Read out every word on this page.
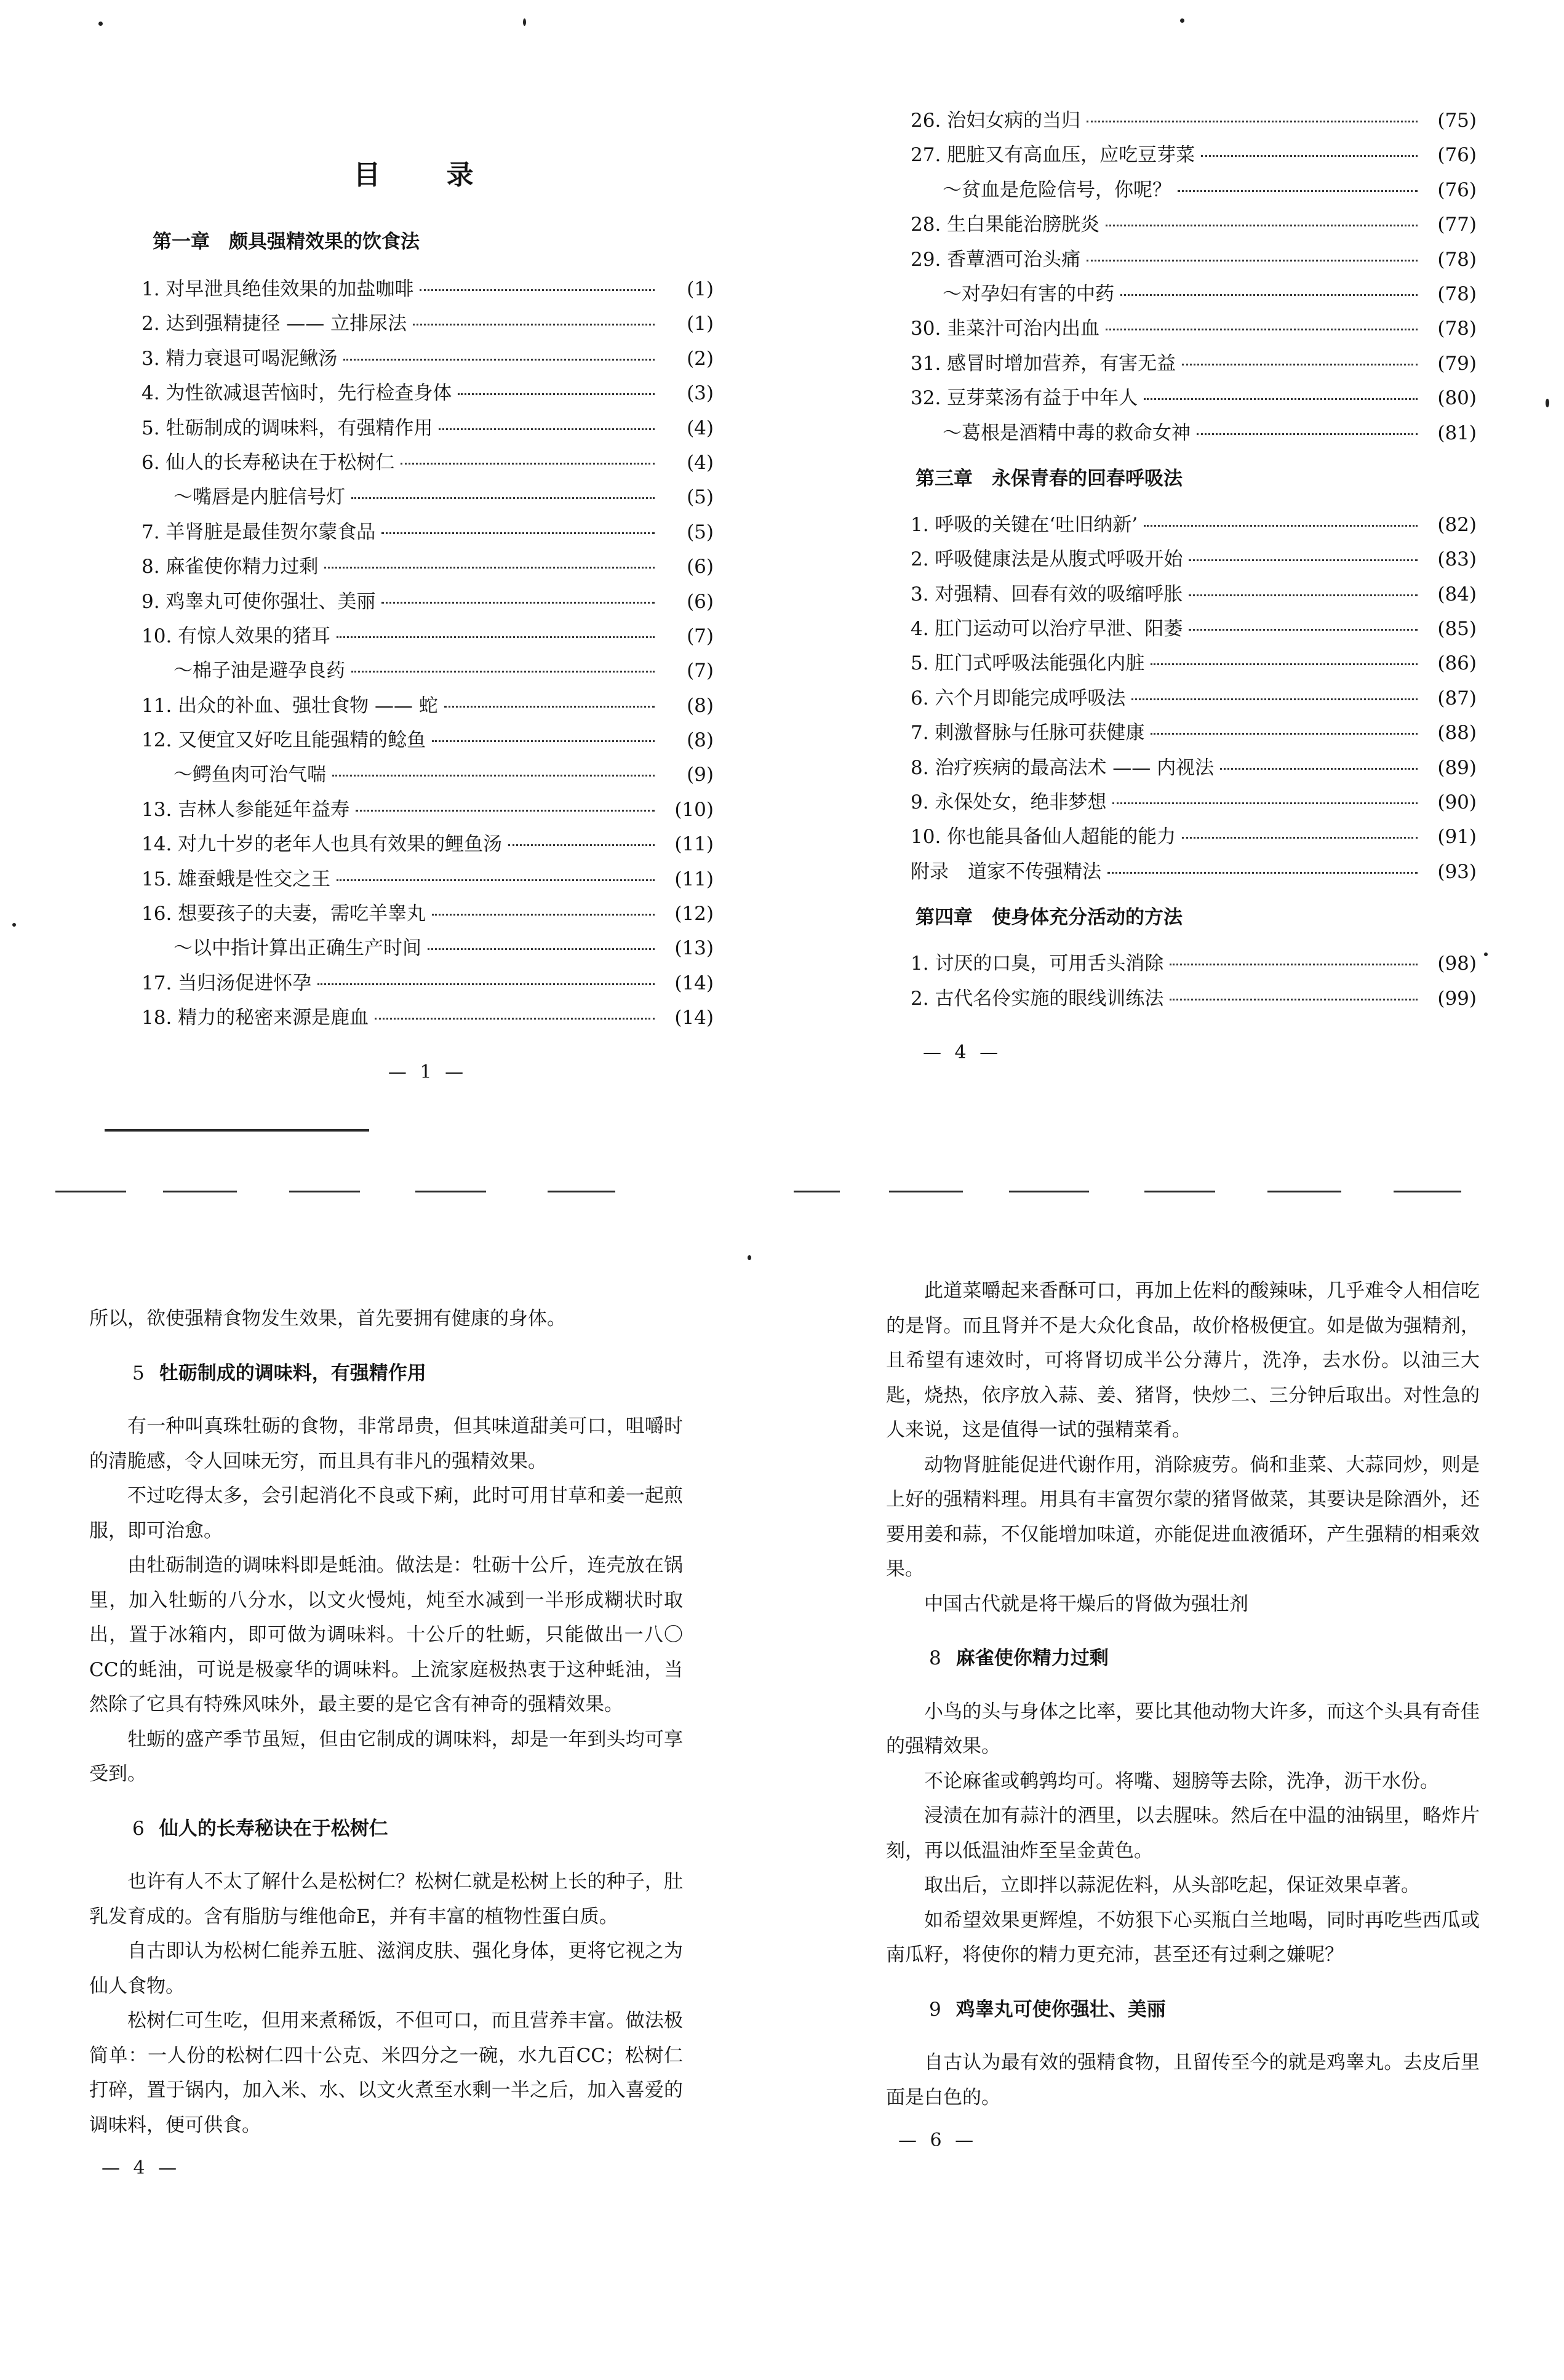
目 录
第一章　颇具强精效果的饮食法
1. 对早泄具绝佳效果的加盐咖啡	(1)
2. 达到强精捷径 —— 立排尿法	(1)
3. 精力衰退可喝泥鳅汤	(2)
4. 为性欲减退苦恼时，先行检查身体	(3)
5. 牡砺制成的调味料，有强精作用	(4)
6. 仙人的长寿秘诀在于松树仁	(4)
～嘴唇是内脏信号灯	(5)
7. 羊肾脏是最佳贺尔蒙食品	(5)
8. 麻雀使你精力过剩	(6)
9. 鸡睾丸可使你强壮、美丽	(6)
10. 有惊人效果的猪耳	(7)
～棉子油是避孕良药	(7)
11. 出众的补血、强壮食物 —— 蛇	(8)
12. 又便宜又好吃且能强精的鲶鱼	(8)
～鳄鱼肉可治气喘	(9)
13. 吉林人参能延年益寿	(10)
14. 对九十岁的老年人也具有效果的鲤鱼汤	(11)
15. 雄蚕蛾是性交之王	(11)
16. 想要孩子的夫妻，需吃羊睾丸	(12)
～以中指计算出正确生产时间	(13)
17. 当归汤促进怀孕	(14)
18. 精力的秘密来源是鹿血	(14)
— 1 —
26. 治妇女病的当归	(75)
27. 肥脏又有高血压，应吃豆芽菜	(76)
～贫血是危险信号，你呢？	(76)
28. 生白果能治膀胱炎	(77)
29. 香蕈酒可治头痛	(78)
～对孕妇有害的中药	(78)
30. 韭菜汁可治内出血	(78)
31. 感冒时增加营养，有害无益	(79)
32. 豆芽菜汤有益于中年人	(80)
～葛根是酒精中毒的救命女神	(81)
第三章　永保青春的回春呼吸法
1. 呼吸的关键在‘吐旧纳新’	(82)
2. 呼吸健康法是从腹式呼吸开始	(83)
3. 对强精、回春有效的吸缩呼胀	(84)
4. 肛门运动可以治疗早泄、阳萎	(85)
5. 肛门式呼吸法能强化内脏	(86)
6. 六个月即能完成呼吸法	(87)
7. 刺激督脉与任脉可获健康	(88)
8. 治疗疾病的最高法术 —— 内视法	(89)
9. 永保处女，绝非梦想	(90)
10. 你也能具备仙人超能的能力	(91)
附录　道家不传强精法	(93)
第四章　使身体充分活动的方法
1. 讨厌的口臭，可用舌头消除	(98)
2. 古代名伶实施的眼线训练法	(99)
— 4 —

所以，欲使强精食物发生效果，首先要拥有健康的身体。

5 牡砺制成的调味料，有强精作用

有一种叫真珠牡砺的食物，非常昂贵，但其味道甜美可口，咀嚼时的清脆感，令人回味无穷，而且具有非凡的强精效果。

不过吃得太多，会引起消化不良或下痢，此时可用甘草和姜一起煎服，即可治愈。

由牡砺制造的调味料即是蚝油。做法是：牡砺十公斤，连壳放在锅里，加入牡蛎的八分水，以文火慢炖，炖至水减到一半形成糊状时取出，置于冰箱内，即可做为调味料。十公斤的牡蛎，只能做出一八〇CC的蚝油，可说是极豪华的调味料。上流家庭极热衷于这种蚝油，当然除了它具有特殊风味外，最主要的是它含有神奇的强精效果。

牡蛎的盛产季节虽短，但由它制成的调味料，却是一年到头均可享受到。

6 仙人的长寿秘诀在于松树仁

也许有人不太了解什么是松树仁？松树仁就是松树上长的种子，肚乳发育成的。含有脂肪与维他命E，并有丰富的植物性蛋白质。

自古即认为松树仁能养五脏、滋润皮肤、强化身体，更将它视之为仙人食物。

松树仁可生吃，但用来煮稀饭，不但可口，而且营养丰富。做法极简单：一人份的松树仁四十公克、米四分之一碗，水九百CC；松树仁打碎，置于锅内，加入米、水、以文火煮至水剩一半之后，加入喜爱的调味料，便可供食。

— 4 —

此道菜嚼起来香酥可口，再加上佐料的酸辣味，几乎难令人相信吃的是肾。而且肾并不是大众化食品，故价格极便宜。如是做为强精剂，且希望有速效时，可将肾切成半公分薄片，洗净，去水份。以油三大匙，烧热，依序放入蒜、姜、猪肾，快炒二、三分钟后取出。对性急的人来说，这是值得一试的强精菜肴。

动物肾脏能促进代谢作用，消除疲劳。倘和韭菜、大蒜同炒，则是上好的强精料理。用具有丰富贺尔蒙的猪肾做菜，其要诀是除酒外，还要用姜和蒜，不仅能增加味道，亦能促进血液循环，产生强精的相乘效果。

中国古代就是将干燥后的肾做为强壮剂

8 麻雀使你精力过剩

小鸟的头与身体之比率，要比其他动物大许多，而这个头具有奇佳的强精效果。

不论麻雀或鹌鹑均可。将嘴、翅膀等去除，洗净，沥干水份。

浸渍在加有蒜汁的酒里，以去腥味。然后在中温的油锅里，略炸片刻，再以低温油炸至呈金黄色。

取出后，立即拌以蒜泥佐料，从头部吃起，保证效果卓著。

如希望效果更辉煌，不妨狠下心买瓶白兰地喝，同时再吃些西瓜或南瓜籽，将使你的精力更充沛，甚至还有过剩之嫌呢？

9 鸡睾丸可使你强壮、美丽

自古认为最有效的强精食物，且留传至今的就是鸡睾丸。去皮后里面是白色的。

— 6 —
